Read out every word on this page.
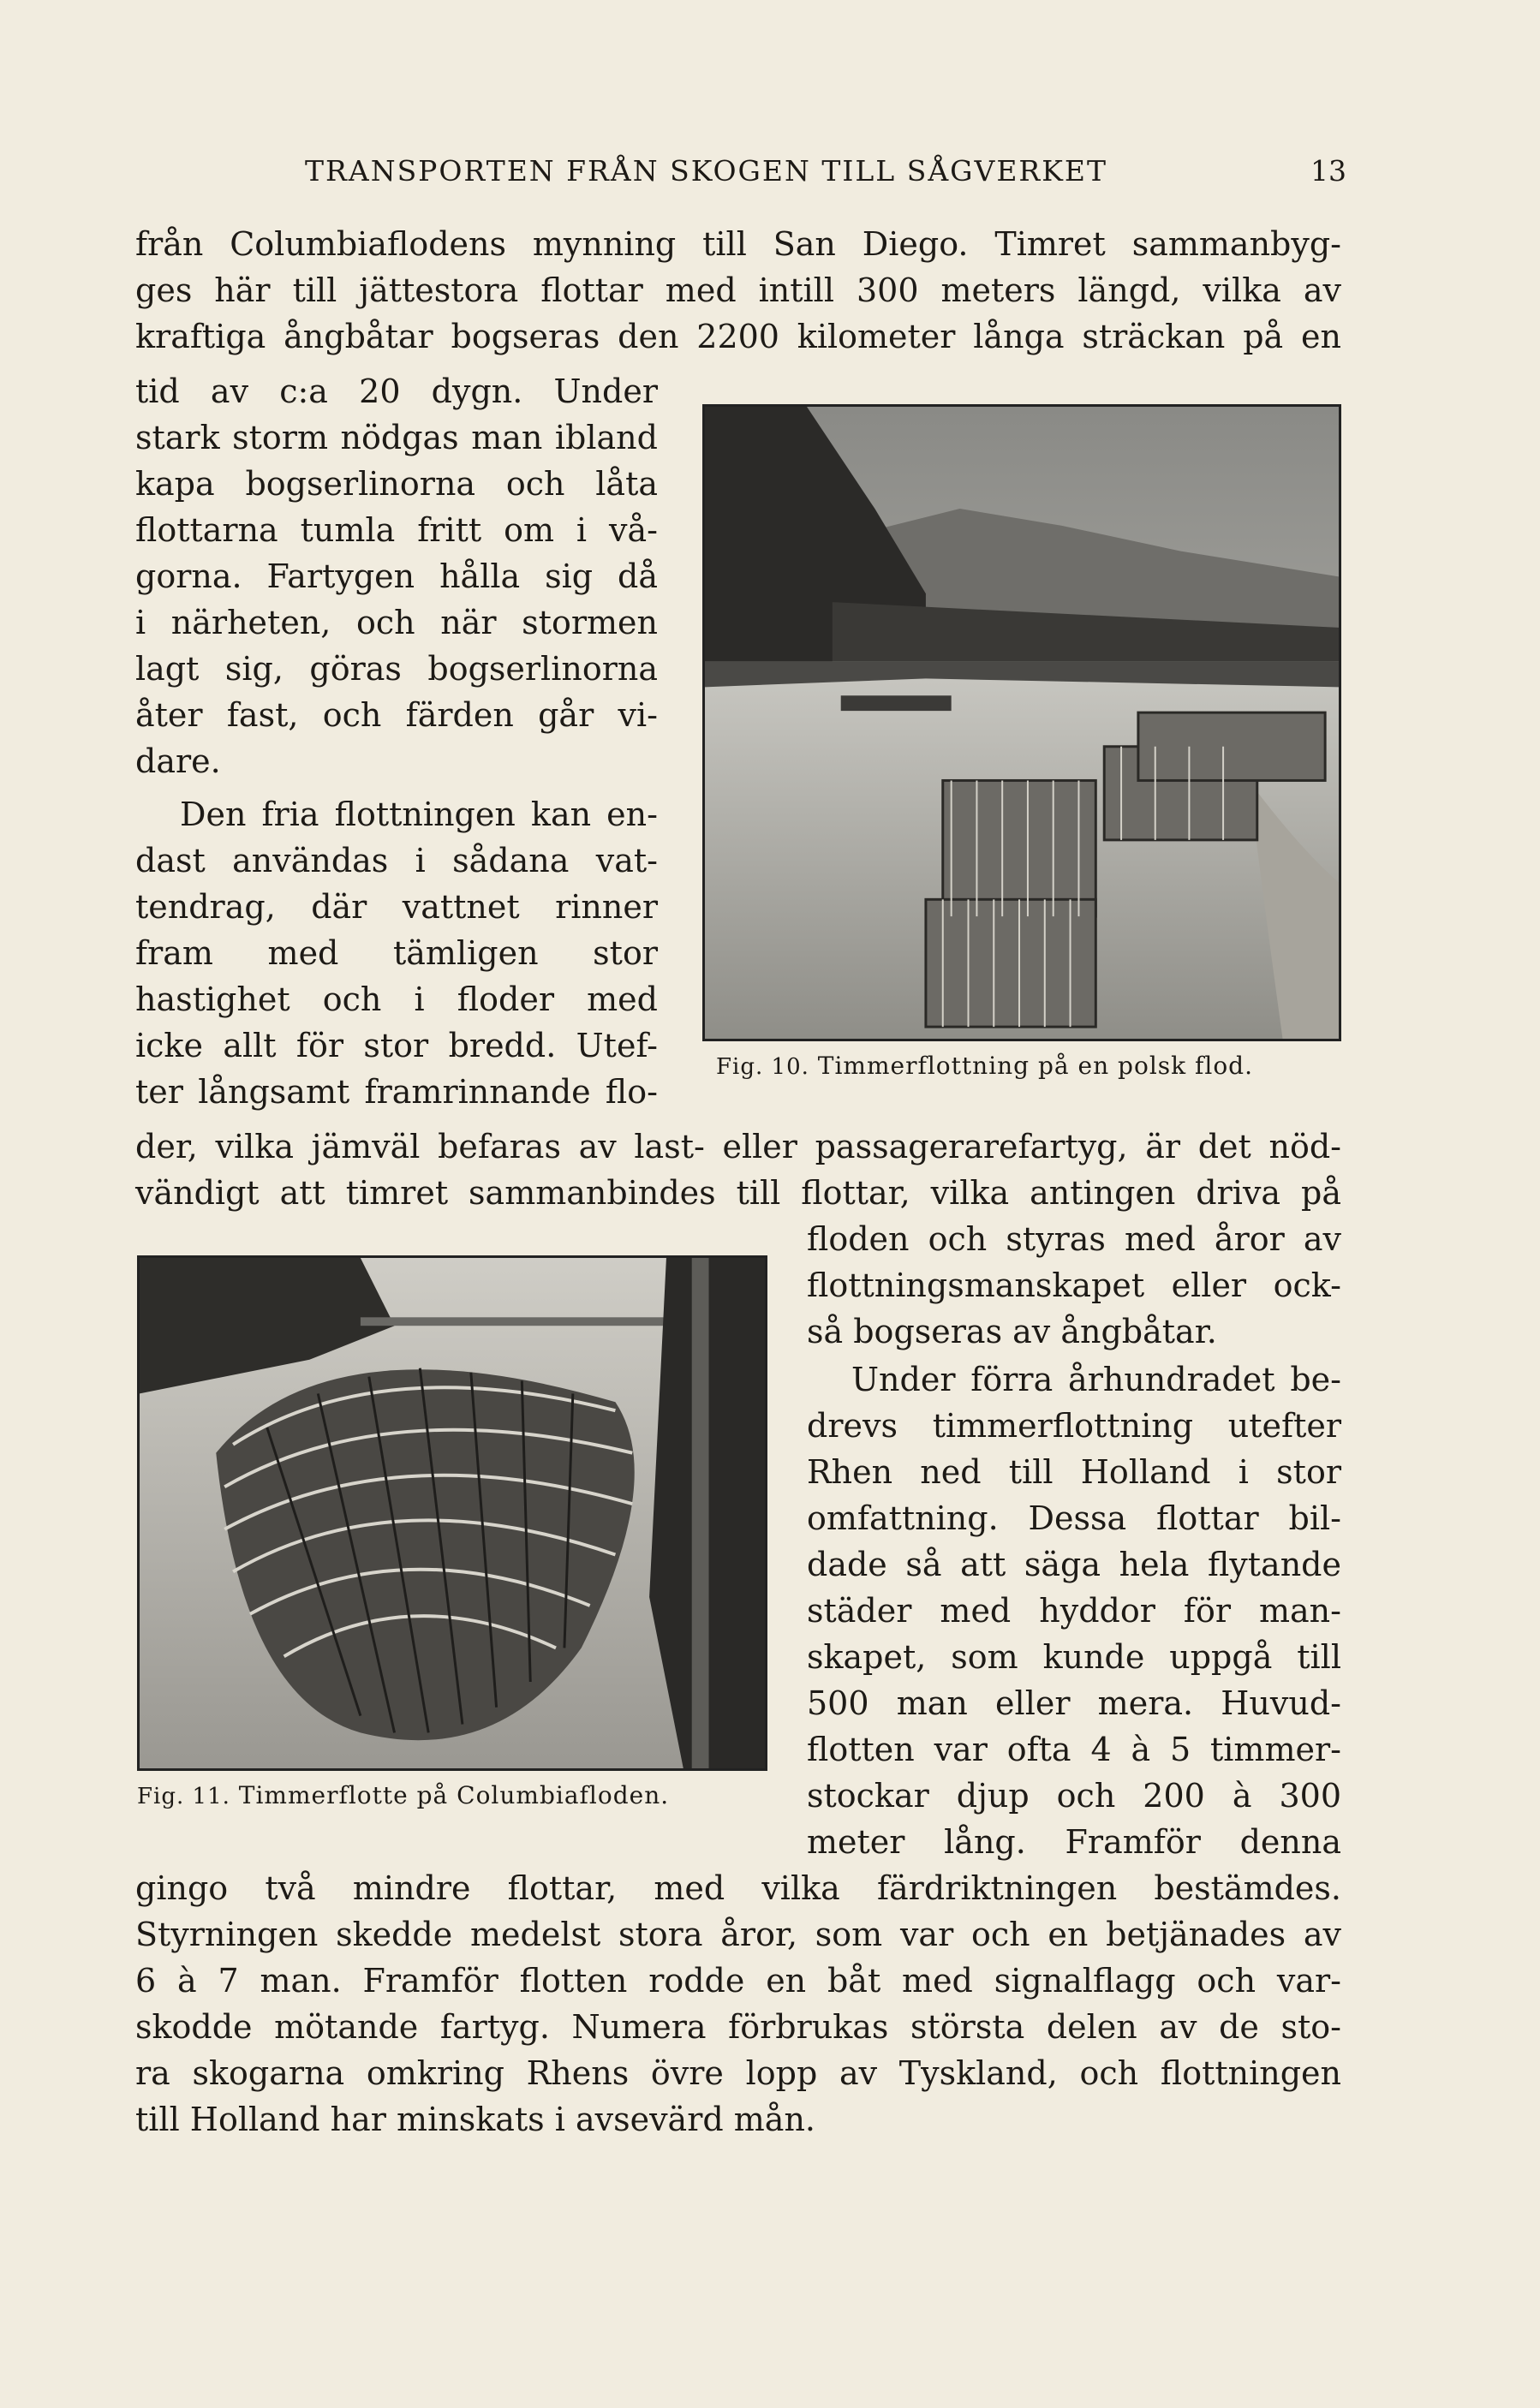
TRANSPORTEN FRÅN SKOGEN TILL SÅGVERKET	13
från Columbiaflodens mynning till San Diego. Timret sammanbyg-
ges här till jättestora flottar med intill 300 meters längd, vilka av
kraftiga ångbåtar bogseras den 2200 kilometer långa sträckan på en
tid av c:a 20 dygn. Under
stark storm nödgas man ibland
kapa bogserlinorna och låta
flottarna tumla fritt om i vå-
gorna. Fartygen hålla sig då
i närheten, och när stormen
lagt sig, göras bogserlinorna
åter fast, och färden går vi-
dare.
Den fria flottningen kan en-
dast användas i sådana vat-
tendrag, där vattnet rinner
fram med tämligen stor
hastighet och i floder med
icke allt för stor bredd. Utef-
ter långsamt framrinnande flo-
Fig. 10. Timmerflottning på en polsk flod.
der, vilka jämväl befaras av last- eller passagerarefartyg, är det nöd-
vändigt att timret sammanbindes till flottar, vilka antingen driva på
Fig. 11. Timmerflotte på Columbiafloden.
floden och styras med åror av
flottningsmanskapet eller ock-
så bogseras av ångbåtar.
Under förra århundradet be-
drevs timmerflottning utefter
Rhen ned till Holland i stor
omfattning. Dessa flottar bil-
dade så att säga hela flytande
städer med hyddor för man-
skapet, som kunde uppgå till
500 man eller mera. Huvud-
flotten var ofta 4 à 5 timmer-
stockar djup och 200 à 300
meter lång. Framför denna
gingo två mindre flottar, med vilka färdriktningen bestämdes.
Styrningen skedde medelst stora åror, som var och en betjänades av
6 à 7 man. Framför flotten rodde en båt med signalflagg och var-
skodde mötande fartyg. Numera förbrukas största delen av de sto-
ra skogarna omkring Rhens övre lopp av Tyskland, och flottningen
till Holland har minskats i avsevärd mån.
